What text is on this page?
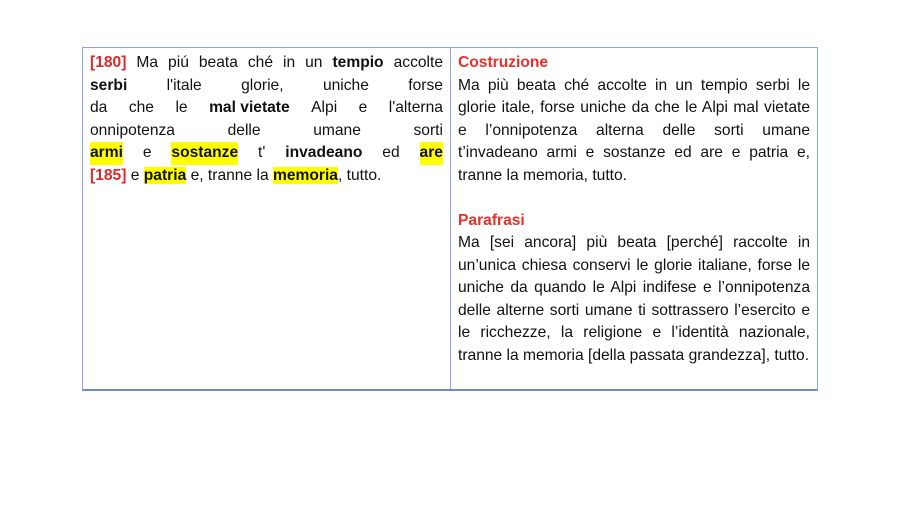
[180] Ma piú beata ché in un tempio accolte
serbi	l'itale	glorie,	uniche	forse
da che le mal vietate Alpi e l'alterna
onnipotenza	delle	umane	sorti
armi e sostanze t' invadeano ed are
[185] e patria e, tranne la memoria, tutto.
Costruzione
Ma più beata ché accolte in un tempio serbi le glorie itale, forse uniche da che le Alpi mal vietate e l’onnipotenza alterna delle sorti umane t’invadeano armi e sostanze ed are e patria e, tranne la memoria, tutto.
Parafrasi
Ma [sei ancora] più beata [perché] raccolte in un’unica chiesa conservi le glorie italiane, forse le uniche da quando le Alpi indifese e l’onnipotenza delle alterne sorti umane ti sottrassero l’esercito e le ricchezze, la religione e l’identità nazionale, tranne la memoria [della passata grandezza], tutto.
